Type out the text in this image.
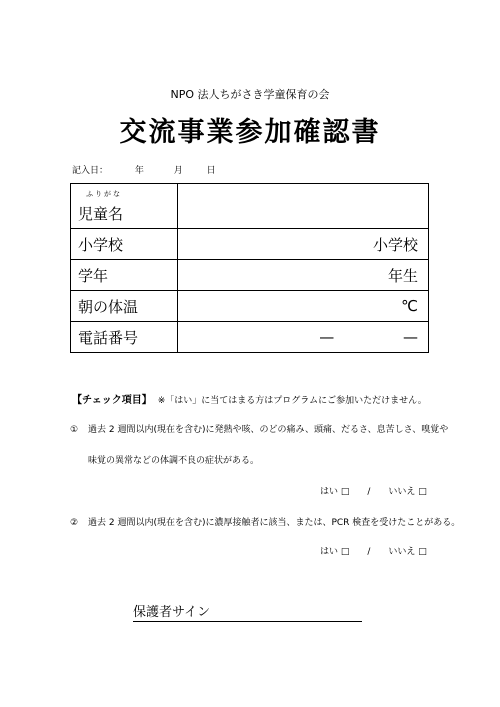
NPO 法人ちがさき学童保育の会
交流事業参加確認書
記入日：	年	月	日
ふりがな
児童名	

小学校	小学校
学年	年生
朝の体温	℃
電話番号	— —
【チェック項目】 ※「はい」に当てはまる方はプログラムにご参加いただけません。
① 過去 2 週間以内(現在を含む)に発熱や咳、のどの痛み、頭痛、だるさ、息苦しさ、嗅覚や
味覚の異常などの体調不良の症状がある。
はい □ / いいえ □
② 過去 2 週間以内(現在を含む)に濃厚接触者に該当、または、PCR 検査を受けたことがある。
はい □ / いいえ □
保護者サイン
